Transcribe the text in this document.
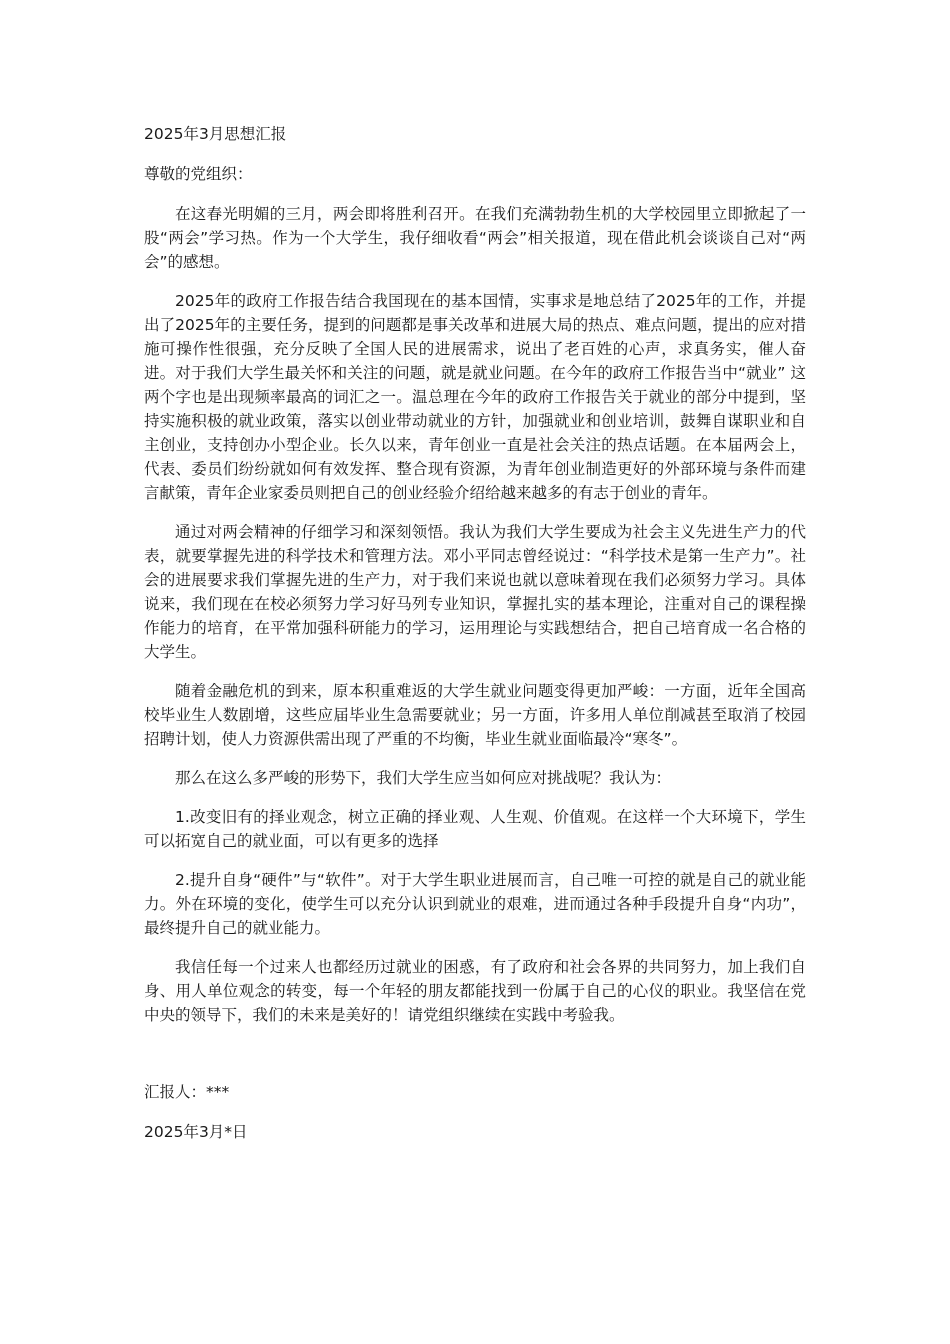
2025年3月思想汇报

尊敬的党组织：

在这春光明媚的三月，两会即将胜利召开。在我们充满勃勃生机的大学校园里立即掀起了一股“两会”学习热。作为一个大学生，我仔细收看“两会”相关报道，现在借此机会谈谈自己对“两会”的感想。

2025年的政府工作报告结合我国现在的基本国情，实事求是地总结了2025年的工作，并提出了2025年的主要任务，提到的问题都是事关改革和进展大局的热点、难点问题，提出的应对措施可操作性很强，充分反映了全国人民的进展需求，说出了老百姓的心声，求真务实，催人奋进。对于我们大学生最关怀和关注的问题，就是就业问题。在今年的政府工作报告当中“就业” 这两个字也是出现频率最高的词汇之一。温总理在今年的政府工作报告关于就业的部分中提到，坚持实施积极的就业政策，落实以创业带动就业的方针，加强就业和创业培训，鼓舞自谋职业和自主创业，支持创办小型企业。长久以来，青年创业一直是社会关注的热点话题。在本届两会上，代表、委员们纷纷就如何有效发挥、整合现有资源，为青年创业制造更好的外部环境与条件而建言献策，青年企业家委员则把自己的创业经验介绍给越来越多的有志于创业的青年。

通过对两会精神的仔细学习和深刻领悟。我认为我们大学生要成为社会主义先进生产力的代表，就要掌握先进的科学技术和管理方法。邓小平同志曾经说过：“科学技术是第一生产力”。社会的进展要求我们掌握先进的生产力，对于我们来说也就以意味着现在我们必须努力学习。具体说来，我们现在在校必须努力学习好马列专业知识，掌握扎实的基本理论，注重对自己的课程操作能力的培育，在平常加强科研能力的学习，运用理论与实践想结合，把自己培育成一名合格的大学生。

随着金融危机的到来，原本积重难返的大学生就业问题变得更加严峻：一方面，近年全国高校毕业生人数剧增，这些应届毕业生急需要就业；另一方面，许多用人单位削减甚至取消了校园招聘计划，使人力资源供需出现了严重的不均衡，毕业生就业面临最冷“寒冬”。

那么在这么多严峻的形势下，我们大学生应当如何应对挑战呢？我认为：

1.改变旧有的择业观念，树立正确的择业观、人生观、价值观。在这样一个大环境下，学生可以拓宽自己的就业面，可以有更多的选择

2.提升自身“硬件”与“软件”。对于大学生职业进展而言，自己唯一可控的就是自己的就业能力。外在环境的变化，使学生可以充分认识到就业的艰难，进而通过各种手段提升自身“内功”，最终提升自己的就业能力。

我信任每一个过来人也都经历过就业的困惑，有了政府和社会各界的共同努力，加上我们自身、用人单位观念的转变，每一个年轻的朋友都能找到一份属于自己的心仪的职业。我坚信在党中央的领导下，我们的未来是美好的！请党组织继续在实践中考验我。

汇报人：***

2025年3月*日
